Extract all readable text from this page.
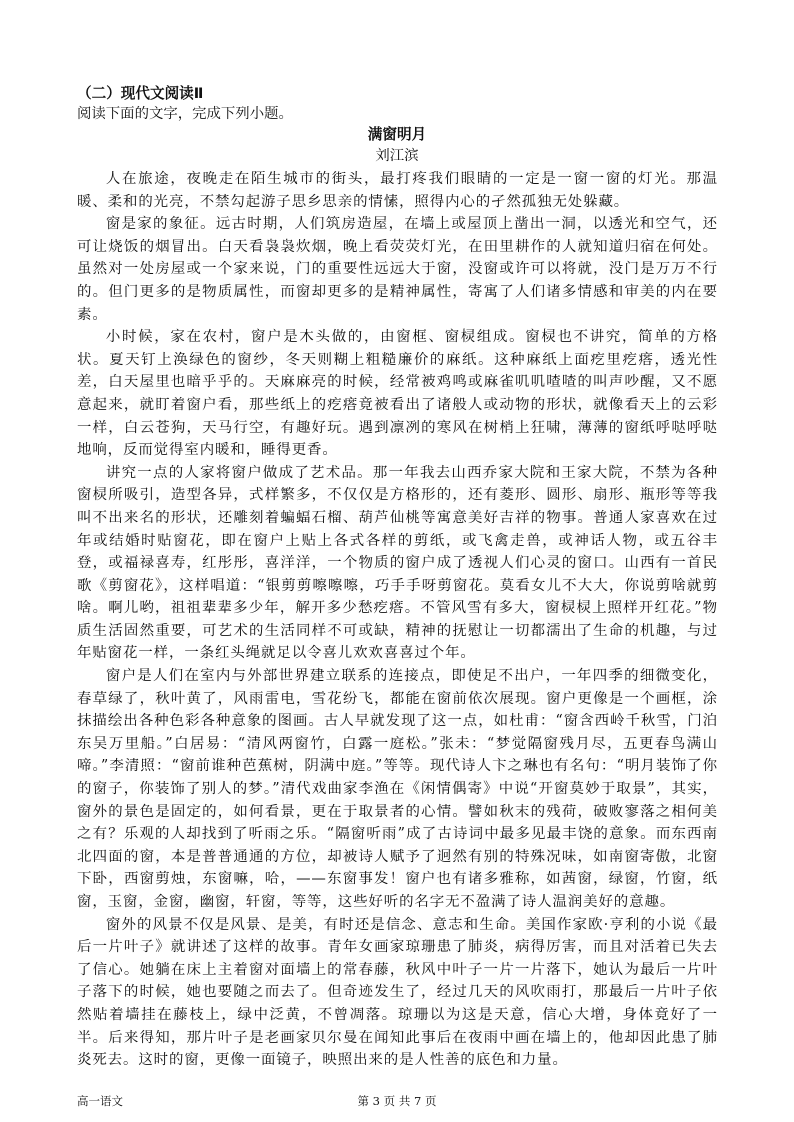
（二）现代文阅读Ⅱ
阅读下面的文字，完成下列小题。
满窗明月
刘江滨

人在旅途，夜晚走在陌生城市的街头，最打疼我们眼睛的一定是一窗一窗的灯光。那温暖、柔和的光亮，不禁勾起游子思乡思亲的情愫，照得内心的孑然孤独无处躲藏。

窗是家的象征。远古时期，人们筑房造屋，在墙上或屋顶上凿出一洞，以透光和空气，还可让烧饭的烟冒出。白天看袅袅炊烟，晚上看荧荧灯光，在田里耕作的人就知道归宿在何处。虽然对一处房屋或一个家来说，门的重要性远远大于窗，没窗或许可以将就，没门是万万不行的。但门更多的是物质属性，而窗却更多的是精神属性，寄寓了人们诸多情感和审美的内在要素。

小时候，家在农村，窗户是木头做的，由窗框、窗棂组成。窗棂也不讲究，简单的方格状。夏天钉上涣绿色的窗纱，冬天则糊上粗糙廉价的麻纸。这种麻纸上面疙里疙瘩，透光性差，白天屋里也暗乎乎的。天麻麻亮的时候，经常被鸡鸣或麻雀叽叽喳喳的叫声吵醒，又不愿意起来，就盯着窗户看，那些纸上的疙瘩竟被看出了诸般人或动物的形状，就像看天上的云彩一样，白云苍狗，天马行空，有趣好玩。遇到凛冽的寒风在树梢上狂啸，薄薄的窗纸呼哒呼哒地响，反而觉得室内暖和，睡得更香。

讲究一点的人家将窗户做成了艺术品。那一年我去山西乔家大院和王家大院，不禁为各种窗棂所吸引，造型各异，式样繁多，不仅仅是方格形的，还有菱形、圆形、扇形、瓶形等等我叫不出来名的形状，还雕刻着蝙蝠石榴、葫芦仙桃等寓意美好吉祥的物事。普通人家喜欢在过年或结婚时贴窗花，即在窗户上贴上各式各样的剪纸，或飞禽走兽，或神话人物，或五谷丰登，或福禄喜寿，红彤彤，喜洋洋，一个物质的窗户成了透视人们心灵的窗口。山西有一首民歌《剪窗花》，这样唱道：“银剪剪嚓嚓嚓，巧手手呀剪窗花。莫看女儿不大大，你说剪啥就剪啥。啊儿哟，祖祖辈辈多少年，解开多少愁疙瘩。不管风雪有多大，窗棂棂上照样开红花。”物质生活固然重要，可艺术的生活同样不可或缺，精神的抚慰让一切都濡出了生命的机趣，与过年贴窗花一样，一条红头绳就足以令喜儿欢欢喜喜过个年。

窗户是人们在室内与外部世界建立联系的连接点，即使足不出户，一年四季的细微变化，春草绿了，秋叶黄了，风雨雷电，雪花纷飞，都能在窗前依次展现。窗户更像是一个画框，涂抹描绘出各种色彩各种意象的图画。古人早就发现了这一点，如杜甫：“窗含西岭千秋雪，门泊东吴万里船。”白居易：“清风两窗竹，白露一庭松。”张未：“梦觉隔窗残月尽，五更春鸟满山啼。”李清照：“窗前谁种芭蕉树，阴满中庭。”等等。现代诗人卞之琳也有名句：“明月装饰了你的窗子，你装饰了别人的梦。”清代戏曲家李渔在《闲情偶寄》中说“开窗莫妙于取景”，其实，窗外的景色是固定的，如何看景，更在于取景者的心情。譬如秋末的残荷，破败寥落之相何美之有？乐观的人却找到了听雨之乐。“隔窗听雨”成了古诗词中最多见最丰饶的意象。而东西南北四面的窗，本是普普通通的方位，却被诗人赋予了迥然有别的特殊况味，如南窗寄傲，北窗下卧，西窗剪烛，东窗嘛，哈，——东窗事发！窗户也有诸多雅称，如茜窗，绿窗，竹窗，纸窗，玉窗，金窗，幽窗，轩窗，等等，这些好听的名字无不盈满了诗人温润美好的意趣。

窗外的风景不仅是风景、是美，有时还是信念、意志和生命。美国作家欧·亨利的小说《最后一片叶子》就讲述了这样的故事。青年女画家琼珊患了肺炎，病得厉害，而且对活着已失去了信心。她躺在床上主着窗对面墙上的常春藤，秋风中叶子一片一片落下，她认为最后一片叶子落下的时候，她也要随之而去了。但奇迹发生了，经过几天的风吹雨打，那最后一片叶子依然贴着墙挂在藤枝上，绿中泛黄，不曾凋落。琼珊以为这是天意，信心大增，身体竟好了一半。后来得知，那片叶子是老画家贝尔曼在闻知此事后在夜雨中画在墙上的，他却因此患了肺炎死去。这时的窗，更像一面镜子，映照出来的是人性善的底色和力量。

高一语文	第 3 页 共 7 页
